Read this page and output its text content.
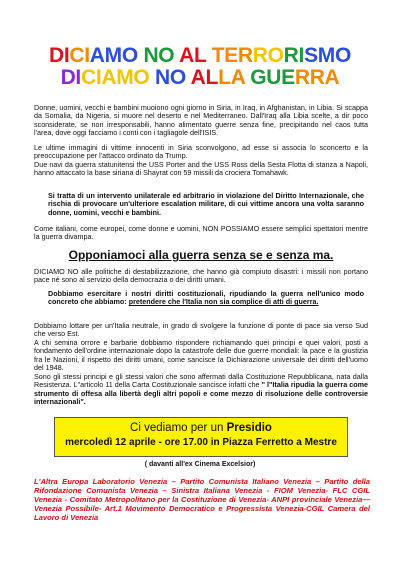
DICIAMO NO AL TERRORISMO
DICIAMO NO ALLA GUERRA
Donne, uomini, vecchi e bambini muoiono ogni giorno in Siria, in Iraq, in Afghanistan, in Libia. Si scappa da Somalia, da Nigeria, si muore nel deserto e nel Mediterraneo. Dall'Iraq alla Libia scelte, a dir poco sconsiderate, se non irresponsabili, hanno alimentato guerre senza fine, precipitando nel caos tutta l'area, dove oggi facciamo i conti con i tagliagole dell'ISIS.
Le ultime immagini di vittime innocenti in Siria sconvolgono, ad esse si associa lo sconcerto e la preoccupazione per l'attacco ordinato da Trump.
Due navi da guerra statunitensi the USS Porter and the USS Ross della Sesta Flotta di stanza a Napoli, hanno attaccato la base siriana di Shayrat con 59 missili da crociera Tomahawk.
Si tratta di un intervento unilaterale ed arbitrario in violazione del Diritto Internazionale, che rischia di provocare un'ulteriore escalation militare, di cui vittime ancora una volta saranno donne, uomini, vecchi e bambini.
Come italiani, come europei, come donne e uomini, NON POSSIAMO essere semplici spettatori mentre la guerra divampa.
Opponiamoci alla guerra senza se e senza ma.
DICIAMO NO alle politiche di destabilizzazione, che hanno già compiuto disastri: i missili non portano pace né sono al servizio della democrazia o dei diritti umani.
Dobbiamo esercitare i nostri diritti costituzionali, ripudiando la guerra nell'unico modo concreto che abbiamo: pretendere che l'Italia non sia complice di atti di guerra.
Dobbiamo lottare per un'Italia neutrale, in grado di svolgere la funzione di ponte di pace sia verso Sud che verso Est.
A chi semina orrore e barbarie dobbiamo rispondere richiamando quei principi e quei valori, posti a fondamento dell'ordine internazionale dopo la catastrofe delle due guerre mondiali: la pace e la giustizia fra le Nazioni, il rispetto dei diritti umani, come sancisce la Dichiarazione universale dei diritti dell'uomo del 1948.
Sono gli stessi principi e gli stessi valori che sono affermati dalla Costituzione Repubblicana, nata dalla Resistenza. L"articolo 11 della Carta Costituzionale sancisce infatti che " l"Italia ripudia la guerra come strumento di offesa alla libertà degli altri popoli e come mezzo di risoluzione delle controversie internazionali".
Ci vediamo per un Presidio
mercoledì 12 aprile - ore 17.00 in Piazza Ferretto a Mestre
( davanti all'ex Cinema Excelsior)
L'Altra Europa Laboratorio Venezia – Partito Comunista Italiano Venezia – Partito della Rifondazione Comunista Venezia – Sinistra Italiana Venezia - FIOM Venezia- FLC CGIL Venezia - Comitato Metropolitano per la Costituzione di Venezia- ANPI provinciale Venezia—Venezia Possibile- Art.1 Movimento Democratico e Progressista Venezia-CGIL Camera del Lavoro di Venezia
